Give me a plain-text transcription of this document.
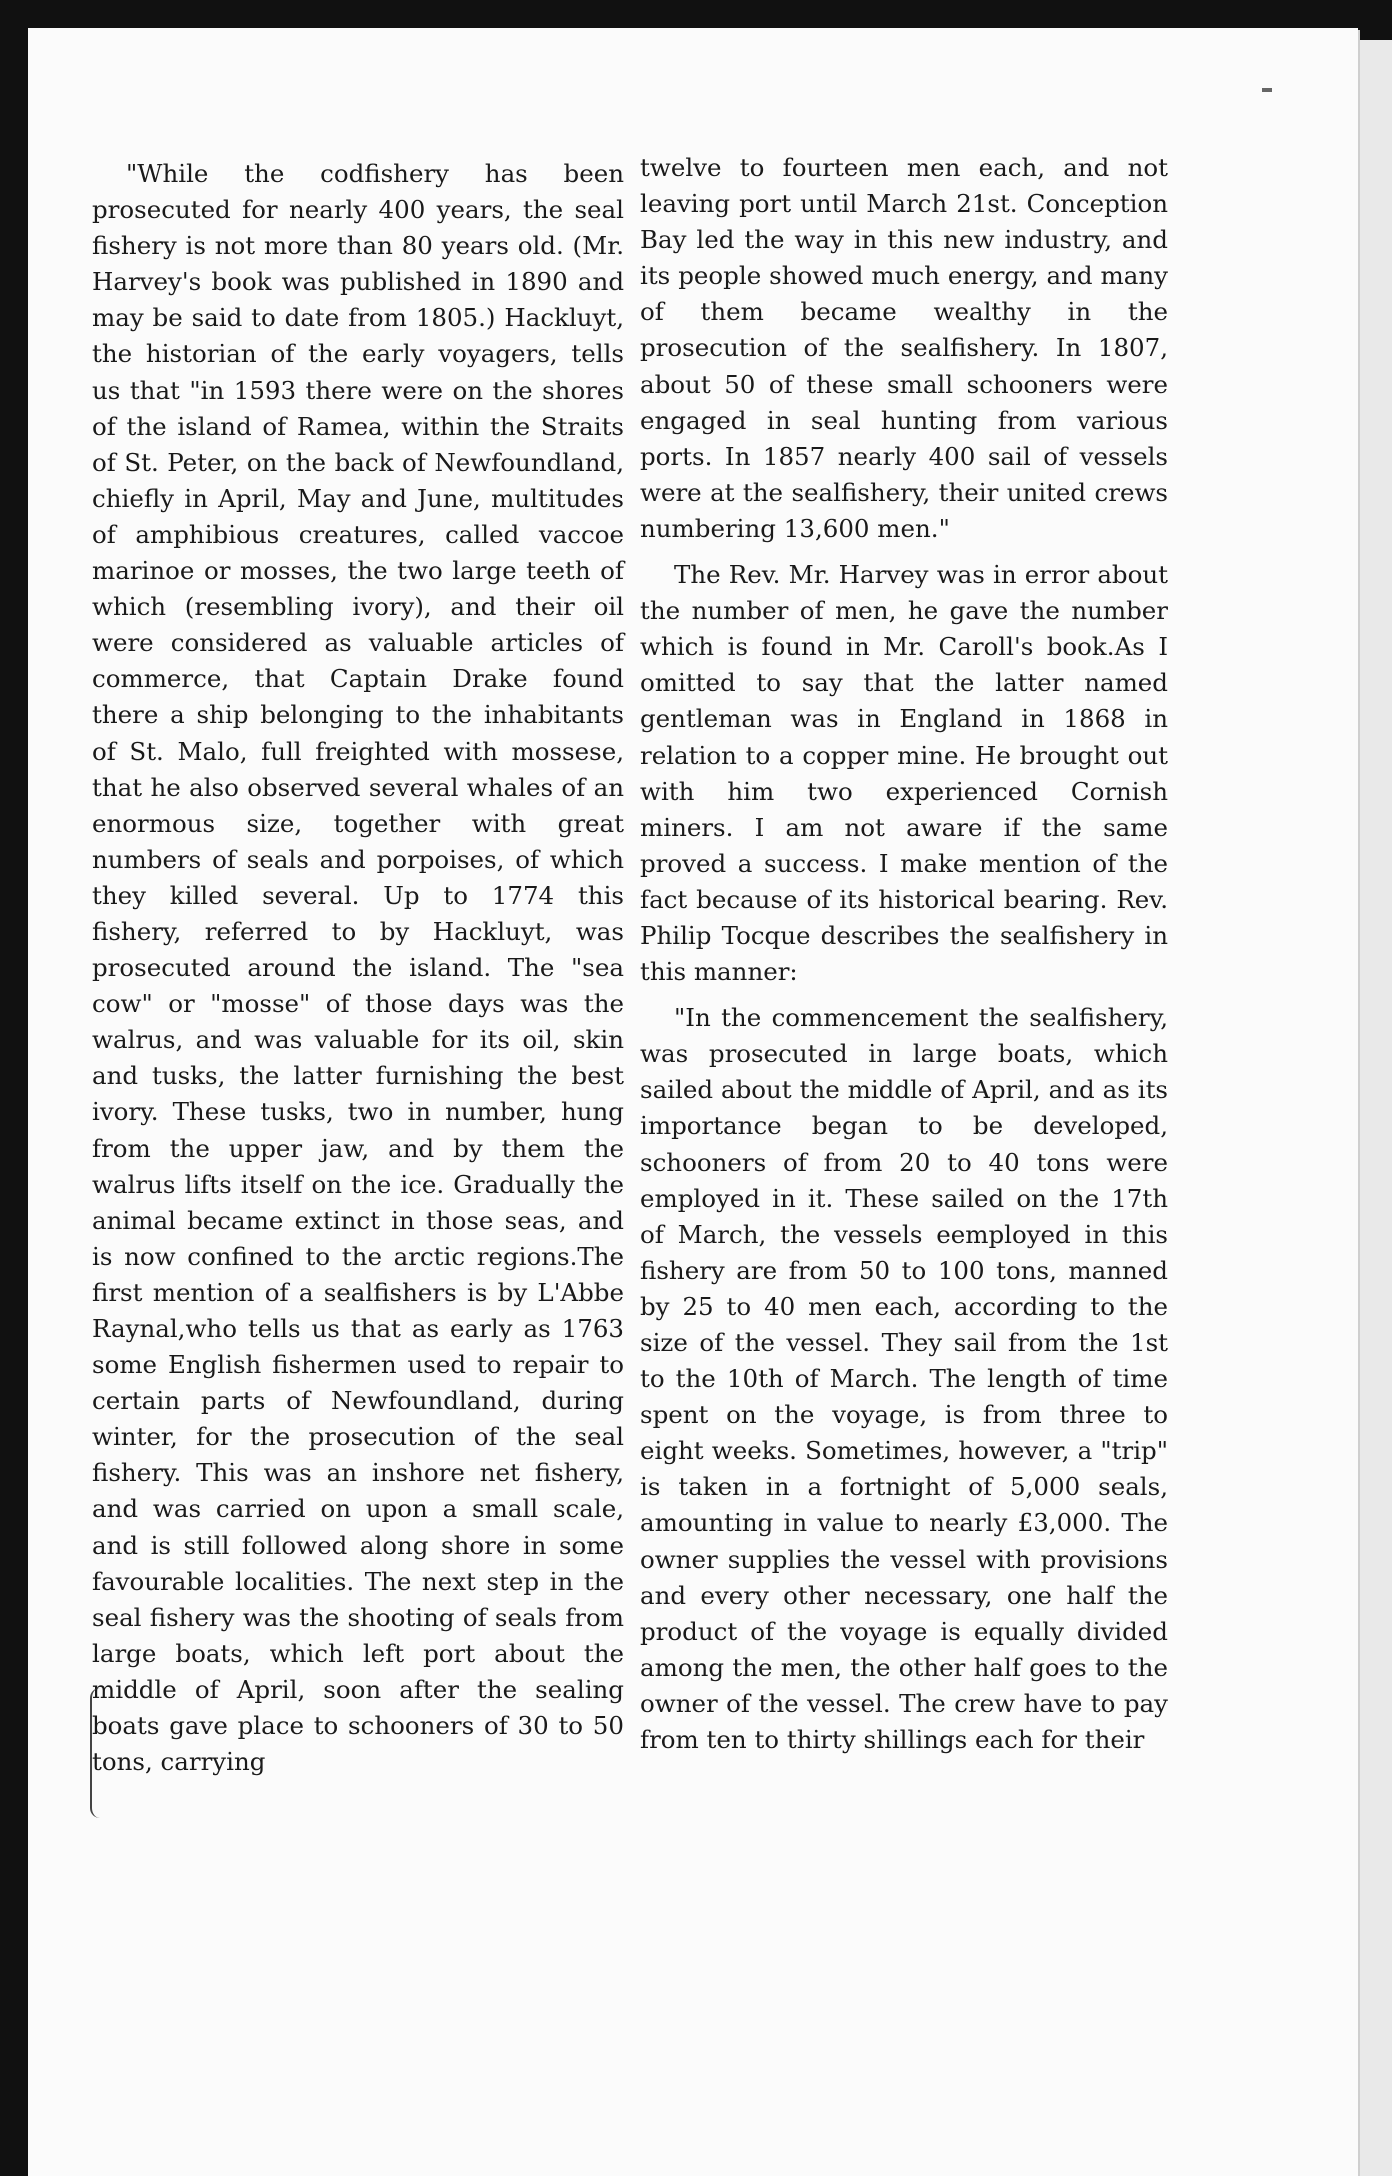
"While the codfishery has been prosecuted for nearly 400 years, the seal fishery is not more than 80 years old. (Mr. Harvey's book was published in 1890 and may be said to date from 1805.) Hackluyt, the historian of the early voyagers, tells us that "in 1593 there were on the shores of the island of Ramea, within the Straits of St. Peter, on the back of Newfoundland, chiefly in April, May and June, multitudes of amphibious creatures, called vaccoe marinoe or mosses, the two large teeth of which (resembling ivory), and their oil were considered as valuable articles of commerce, that Captain Drake found there a ship belonging to the inhabitants of St. Malo, full freighted with mossese, that he also observed several whales of an enormous size, together with great numbers of seals and porpoises, of which they killed several. Up to 1774 this fishery, referred to by Hackluyt, was prosecuted around the island. The "sea cow" or "mosse" of those days was the walrus, and was valuable for its oil, skin and tusks, the latter furnishing the best ivory. These tusks, two in number, hung from the upper jaw, and by them the walrus lifts itself on the ice. Gradually the animal became extinct in those seas, and is now confined to the arctic regions.The first mention of a sealfishers is by L'Abbe Raynal,who tells us that as early as 1763 some English fishermen used to repair to certain parts of Newfoundland, during winter, for the prosecution of the seal fishery. This was an inshore net fishery, and was carried on upon a small scale, and is still followed along shore in some favourable localities. The next step in the seal fishery was the shooting of seals from large boats, which left port about the middle of April, soon after the sealing boats gave place to schooners of 30 to 50 tons, carrying

twelve to fourteen men each, and not leaving port until March 21st. Conception Bay led the way in this new industry, and its people showed much energy, and many of them became wealthy in the prosecution of the sealfishery. In 1807, about 50 of these small schooners were engaged in seal hunting from various ports. In 1857 nearly 400 sail of vessels were at the sealfishery, their united crews numbering 13,600 men."

The Rev. Mr. Harvey was in error about the number of men, he gave the number which is found in Mr. Caroll's book.As I omitted to say that the latter named gentleman was in England in 1868 in relation to a copper mine. He brought out with him two experienced Cornish miners. I am not aware if the same proved a success. I make mention of the fact because of its historical bearing. Rev. Philip Tocque describes the sealfishery in this manner:

"In the commencement the sealfishery, was prosecuted in large boats, which sailed about the middle of April, and as its importance began to be developed, schooners of from 20 to 40 tons were employed in it. These sailed on the 17th of March, the vessels eemployed in this fishery are from 50 to 100 tons, manned by 25 to 40 men each, according to the size of the vessel. They sail from the 1st to the 10th of March. The length of time spent on the voyage, is from three to eight weeks. Sometimes, however, a "trip" is taken in a fortnight of 5,000 seals, amounting in value to nearly £3,000. The owner supplies the vessel with provisions and every other necessary, one half the product of the voyage is equally divided among the men, the other half goes to the owner of the vessel. The crew have to pay from ten to thirty shillings each for their
